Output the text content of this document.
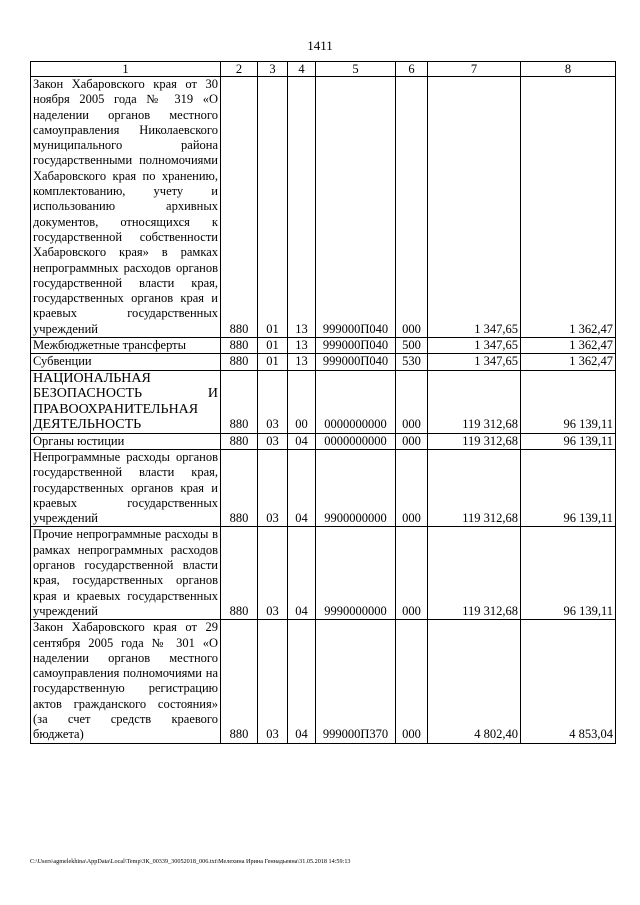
1411
1	2	3	4	5	6	7	8
Закон Хабаровского края от 30 ноября 2005 года № 319 «О наделении органов местного самоуправления Николаевского муниципального района государственными полномочиями Хабаровского края по хранению, комплектованию, учету и использованию архивных документов, относящихся к государственной собственности Хабаровского края» в рамках непрограммных расходов органов государственной власти края, государственных органов края и краевых государственных учреждений	880	01	13	999000П040	000	1 347,65	1 362,47
Межбюджетные трансферты	880	01	13	999000П040	500	1 347,65	1 362,47
Субвенции	880	01	13	999000П040	530	1 347,65	1 362,47
НАЦИОНАЛЬНАЯ БЕЗОПАСНОСТЬ И ПРАВООХРАНИТЕЛЬНАЯ ДЕЯТЕЛЬНОСТЬ	880	03	00	0000000000	000	119 312,68	96 139,11
Органы юстиции	880	03	04	0000000000	000	119 312,68	96 139,11
Непрограммные расходы органов государственной власти края, государственных органов края и краевых государственных учреждений	880	03	04	9900000000	000	119 312,68	96 139,11
Прочие непрограммные расходы в рамках непрограммных расходов органов государственной власти края, государственных органов края и краевых государственных учреждений	880	03	04	9990000000	000	119 312,68	96 139,11
Закон Хабаровского края от 29 сентября 2005 года № 301 «О наделении органов местного самоуправления полномочиями на государственную регистрацию актов гражданского состояния» (за счет средств краевого бюджета)	880	03	04	999000П370	000	4 802,40	4 853,04
C:\Users\agmelekhina\AppData\Local\Temp\ЗК_00339_30052018_006.txt\Мелехина Ирина Геннадьевна\31.05.2018 14:59:13
